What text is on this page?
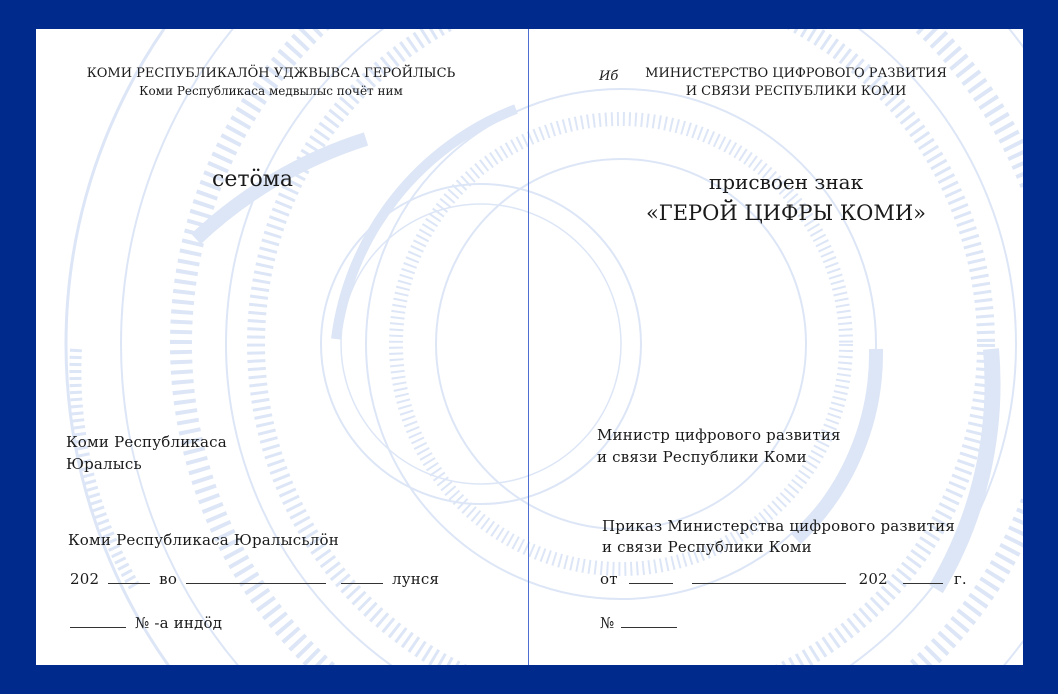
КОМИ РЕСПУБЛИКАЛÖН УДЖВЫВСА ГЕРОЙЛЫСЬ
Коми Республикаса медвылыс почёт ним
сетöма
Коми Республикаса
Юралысь
Коми Республикаса Юралысьлöн
202	во	лунся
№ -а индöд
Иб	МИНИСТЕРСТВО ЦИФРОВОГО РАЗВИТИЯ
И СВЯЗИ РЕСПУБЛИКИ КОМИ
присвоен знак
«ГЕРОЙ ЦИФРЫ КОМИ»
Министр цифрового развития
и связи Республики Коми
Приказ Министерства цифрового развития
и связи Республики Коми
от	202	г.
№
